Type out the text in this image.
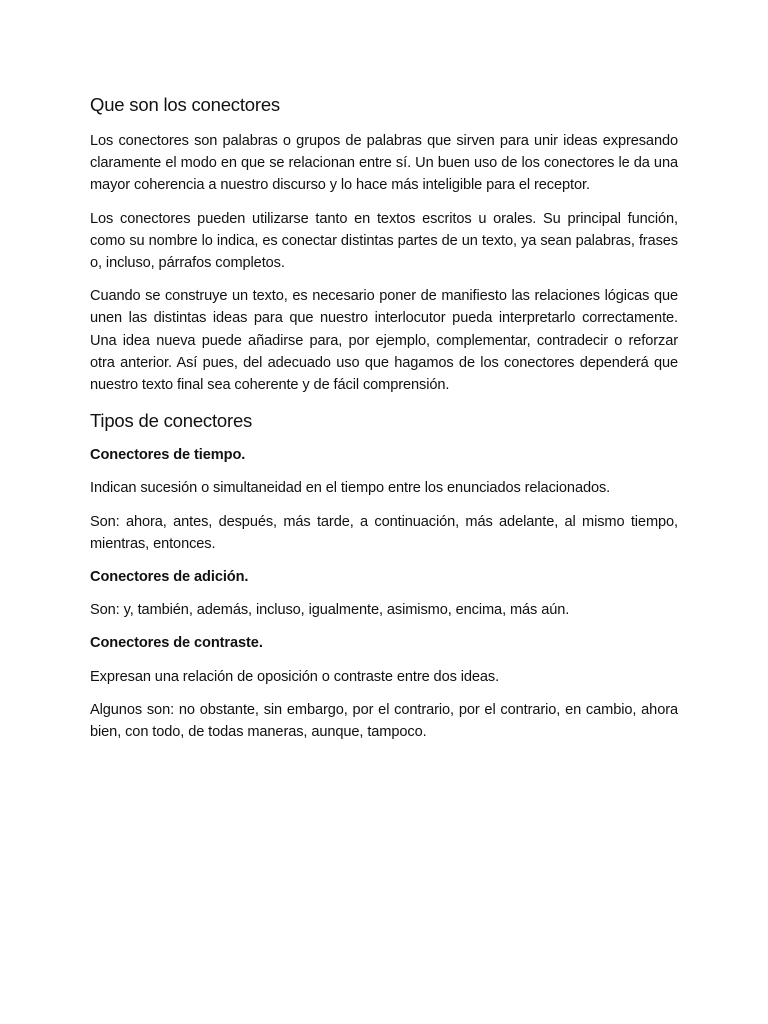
Que son los conectores

Los conectores son palabras o grupos de palabras que sirven para unir ideas expresando claramente el modo en que se relacionan entre sí. Un buen uso de los conectores le da una mayor coherencia a nuestro discurso y lo hace más inteligible para el receptor.

Los conectores pueden utilizarse tanto en textos escritos u orales. Su principal función, como su nombre lo indica, es conectar distintas partes de un texto, ya sean palabras, frases o, incluso, párrafos completos.

Cuando se construye un texto, es necesario poner de manifiesto las relaciones lógicas que unen las distintas ideas para que nuestro interlocutor pueda interpretarlo correctamente. Una idea nueva puede añadirse para, por ejemplo, complementar, contradecir o reforzar otra anterior. Así pues, del adecuado uso que hagamos de los conectores dependerá que nuestro texto final sea coherente y de fácil comprensión.

Tipos de conectores

Conectores de tiempo.

Indican sucesión o simultaneidad en el tiempo entre los enunciados relacionados.

Son: ahora, antes, después, más tarde, a continuación, más adelante, al mismo tiempo, mientras, entonces.

Conectores de adición.

Son: y, también, además, incluso, igualmente, asimismo, encima, más aún.

Conectores de contraste.

Expresan una relación de oposición o contraste entre dos ideas.

Algunos son: no obstante, sin embargo, por el contrario, por el contrario, en cambio, ahora bien, con todo, de todas maneras, aunque, tampoco.
